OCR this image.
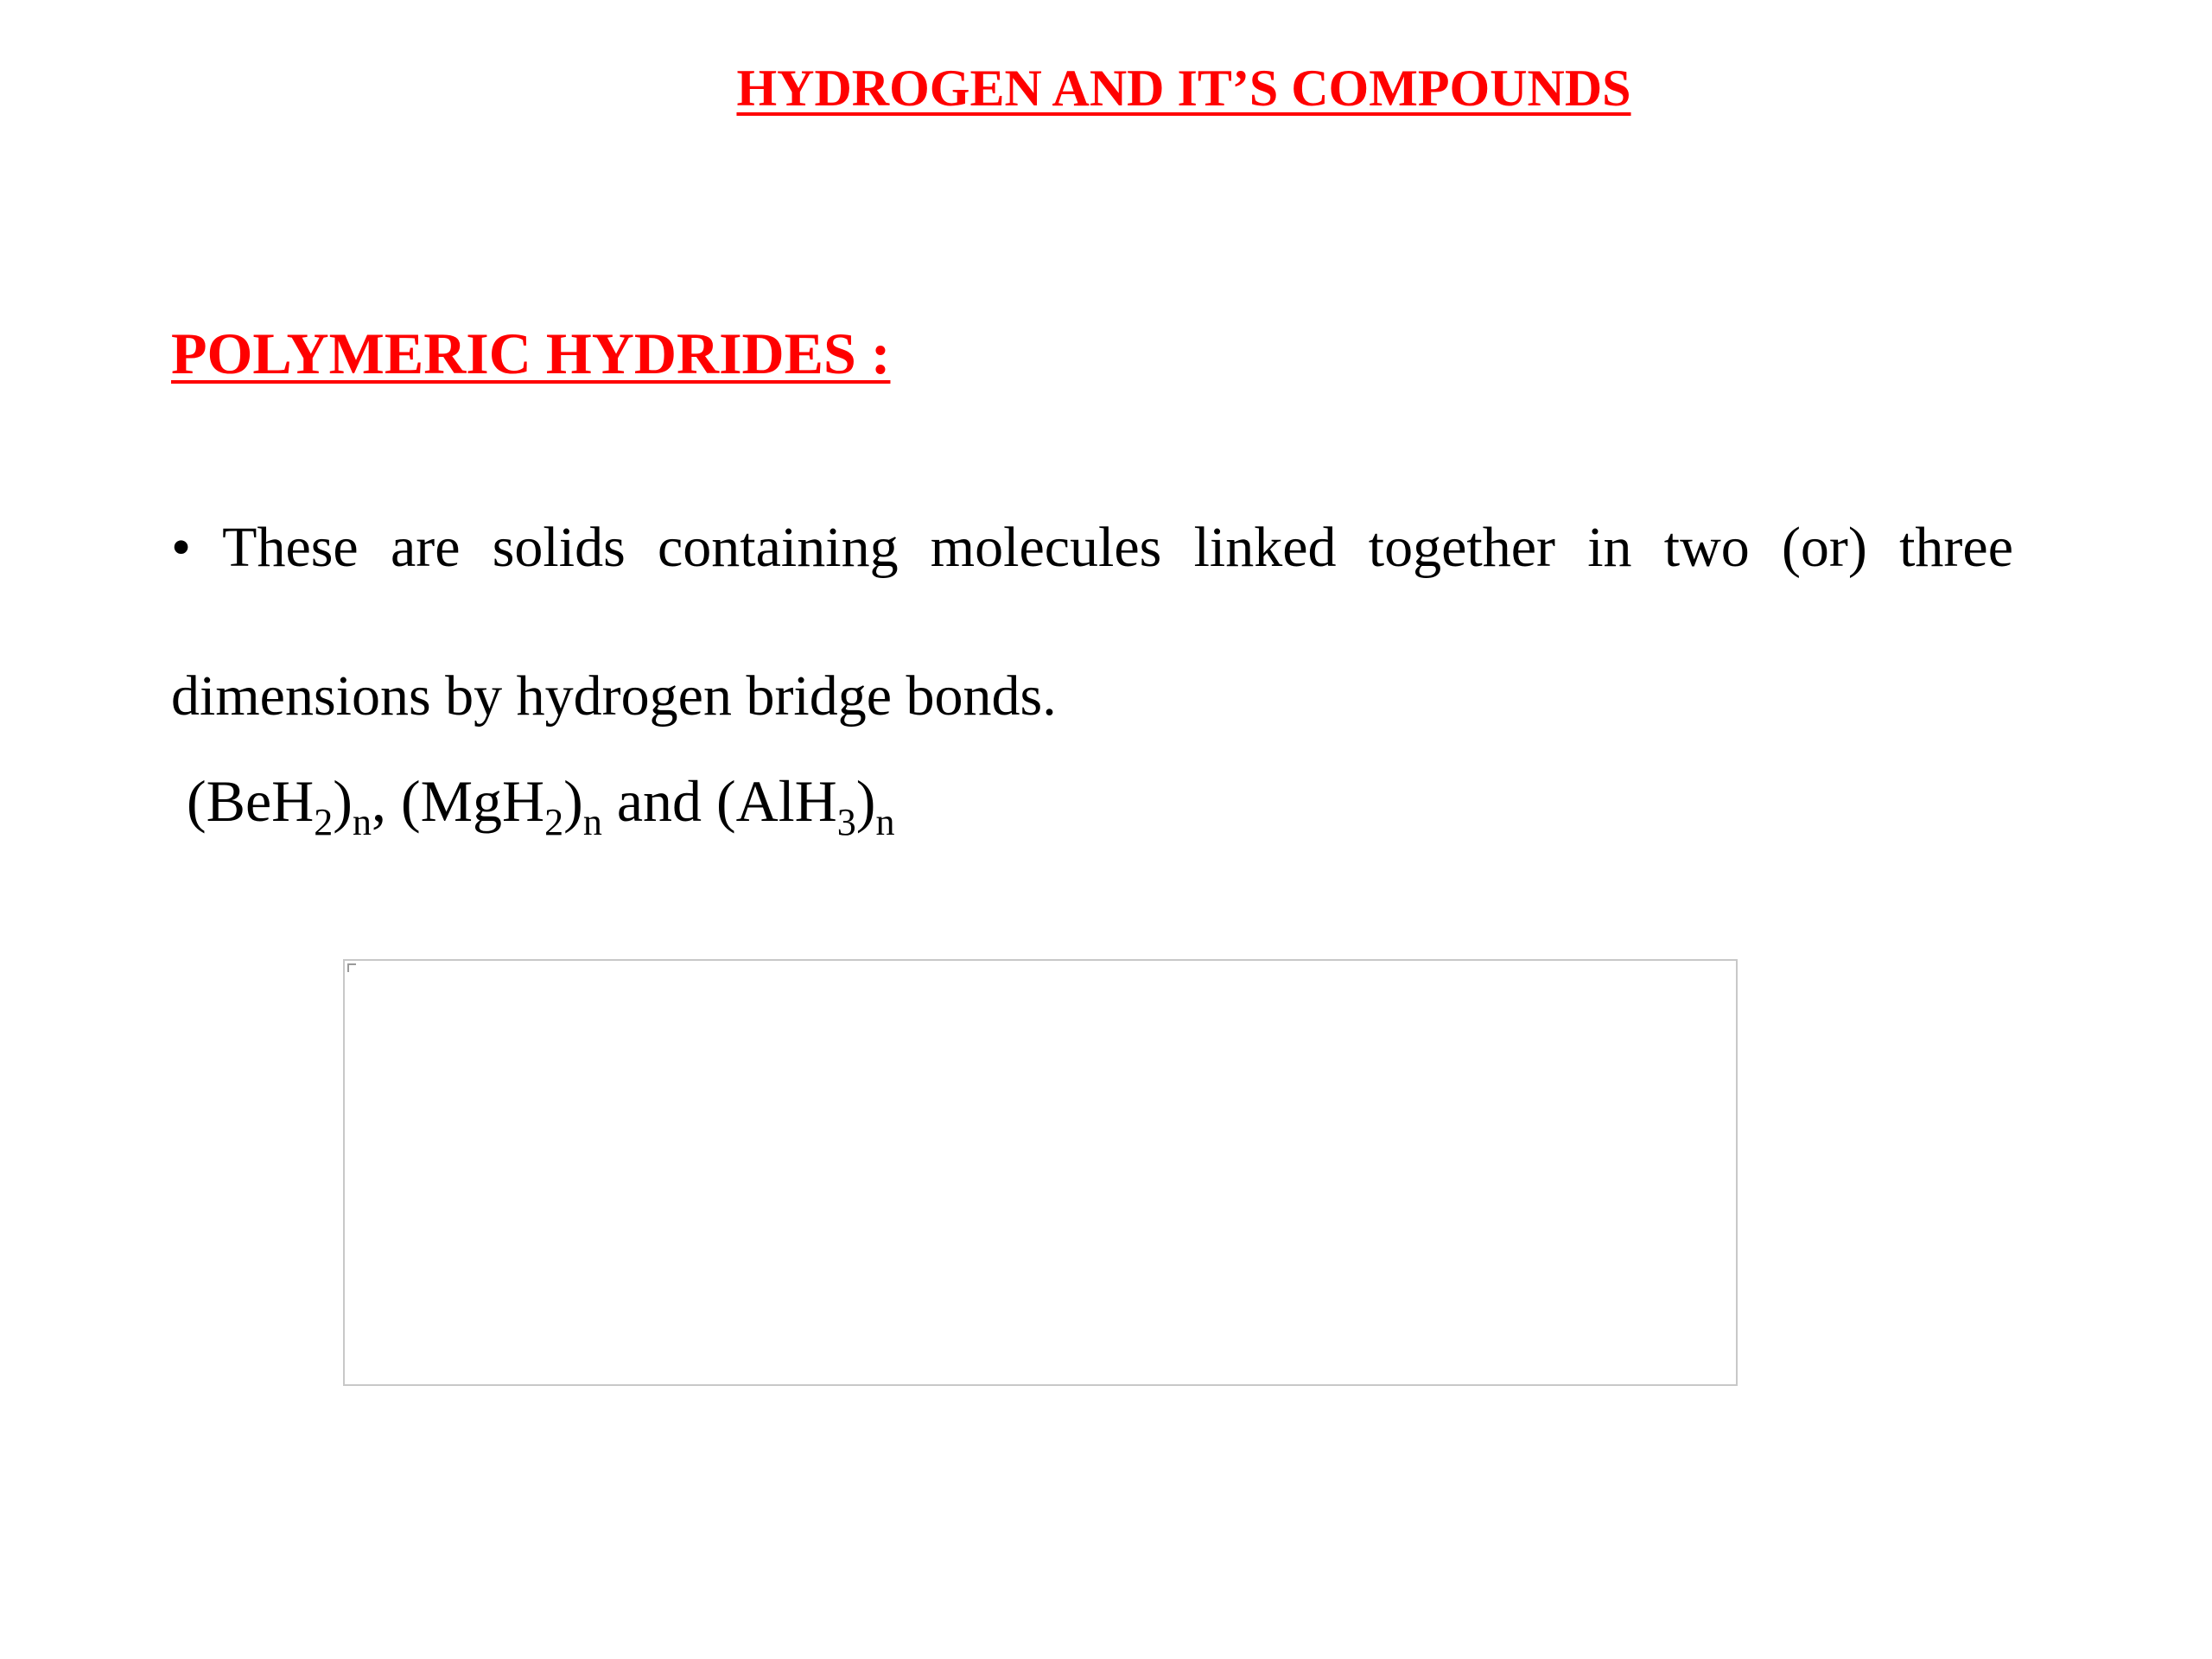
HYDROGEN AND IT’S COMPOUNDS
POLYMERIC HYDRIDES :
• These are solids containing molecules linked together in two (or) three
dimensions by hydrogen bridge bonds.
$(BeH_2)_n$, $(MgH_2)_n$ and $(AlH_3)_n$
